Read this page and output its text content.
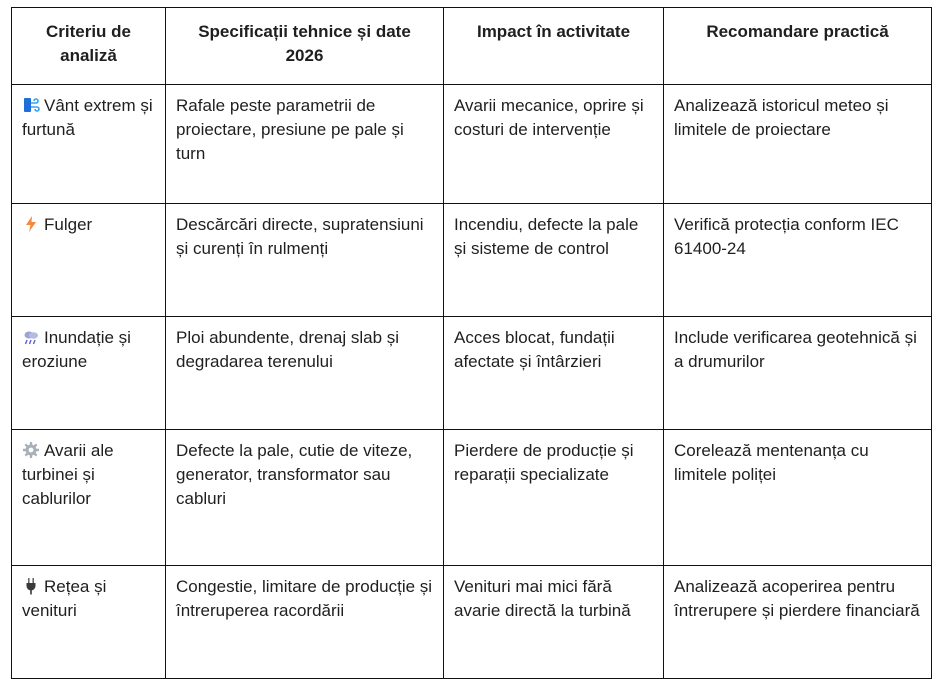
Criteriu de analiză	Specificații tehnice și date 2026	Impact în activitate	Recomandare practică

Vânt extrem și furtună	Rafale peste parametrii de proiectare, presiune pe pale și turn	Avarii mecanice, oprire și costuri de intervenție	Analizează istoricul meteo și limitele de proiectare

Fulger	Descărcări directe, supratensiuni și curenți în rulmenți	Incendiu, defecte la pale și sisteme de control	Verifică protecția conform IEC 61400-24

Inundație și eroziune	Ploi abundente, drenaj slab și degradarea terenului	Acces blocat, fundații afectate și întârzieri	Include verificarea geotehnică și a drumurilor

Avarii ale turbinei și cablurilor	Defecte la pale, cutie de viteze, generator, transformator sau cabluri	Pierdere de producție și reparații specializate	Corelează mentenanța cu limitele poliței

Rețea și venituri	Congestie, limitare de producție și întreruperea racordării	Venituri mai mici fără avarie directă la turbină	Analizează acoperirea pentru întrerupere și pierdere financiară
